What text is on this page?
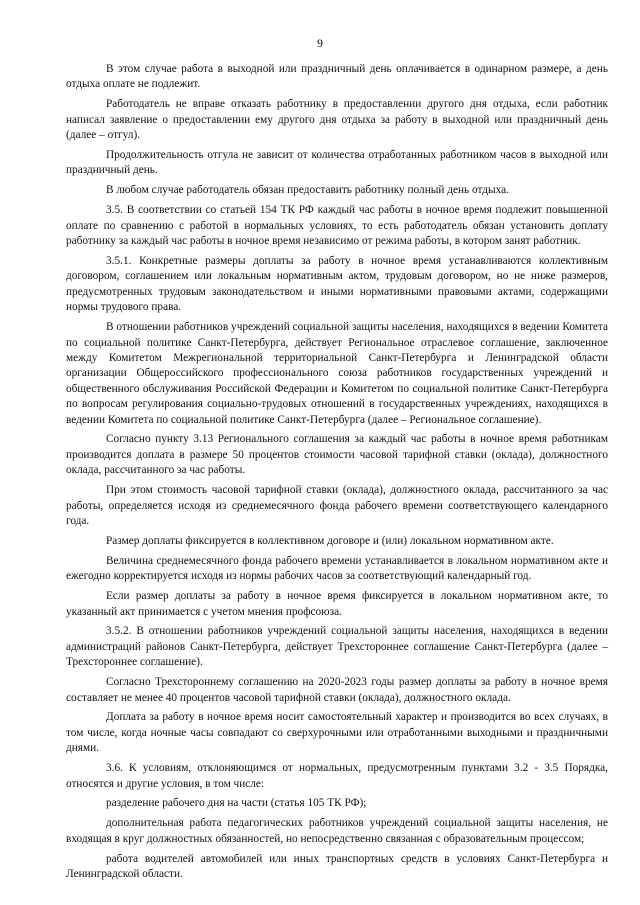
9

В этом случае работа в выходной или праздничный день оплачивается в одинарном размере, а день отдыха оплате не подлежит.

Работодатель не вправе отказать работнику в предоставлении другого дня отдыха, если работник написал заявление о предоставлении ему другого дня отдыха за работу в выходной или праздничный день (далее – отгул).

Продолжительность отгула не зависит от количества отработанных работником часов в выходной или праздничный день.

В любом случае работодатель обязан предоставить работнику полный день отдыха.

3.5. В соответствии со статьей 154 ТК РФ каждый час работы в ночное время подлежит повышенной оплате по сравнению с работой в нормальных условиях, то есть работодатель обязан установить доплату работнику за каждый час работы в ночное время независимо от режима работы, в котором занят работник.

3.5.1. Конкретные размеры доплаты за работу в ночное время устанавливаются коллективным договором, соглашением или локальным нормативным актом, трудовым договором, но не ниже размеров, предусмотренных трудовым законодательством и иными нормативными правовыми актами, содержащими нормы трудового права.

В отношении работников учреждений социальной защиты населения, находящихся в ведении Комитета по социальной политике Санкт-Петербурга, действует Региональное отраслевое соглашение, заключенное между Комитетом Межрегиональной территориальной Санкт-Петербурга и Ленинградской области организации Общероссийского профессионального союза работников государственных учреждений и общественного обслуживания Российской Федерации и Комитетом по социальной политике Санкт-Петербурга по вопросам регулирования социально-трудовых отношений в государственных учреждениях, находящихся в ведении Комитета по социальной политике Санкт-Петербурга (далее – Региональное соглашение).

Согласно пункту 3.13 Регионального соглашения за каждый час работы в ночное время работникам производится доплата в размере 50 процентов стоимости часовой тарифной ставки (оклада), должностного оклада, рассчитанного за час работы.

При этом стоимость часовой тарифной ставки (оклада), должностного оклада, рассчитанного за час работы, определяется исходя из среднемесячного фонда рабочего времени соответствующего календарного года.

Размер доплаты фиксируется в коллективном договоре и (или) локальном нормативном акте.

Величина среднемесячного фонда рабочего времени устанавливается в локальном нормативном акте и ежегодно корректируется исходя из нормы рабочих часов за соответствующий календарный год.

Если размер доплаты за работу в ночное время фиксируется в локальном нормативном акте, то указанный акт принимается с учетом мнения профсоюза.

3.5.2. В отношении работников учреждений социальной защиты населения, находящихся в ведении администраций районов Санкт-Петербурга, действует Трехстороннее соглашение Санкт-Петербурга (далее – Трехстороннее соглашение).

Согласно Трехстороннему соглашению на 2020-2023 годы размер доплаты за работу в ночное время составляет не менее 40 процентов часовой тарифной ставки (оклада), должностного оклада.

Доплата за работу в ночное время носит самостоятельный характер и производится во всех случаях, в том числе, когда ночные часы совпадают со сверхурочными или отработанными выходными и праздничными днями.

3.6. К условиям, отклоняющимся от нормальных, предусмотренным пунктами 3.2 - 3.5 Порядка, относятся и другие условия, в том числе:

разделение рабочего дня на части (статья 105 ТК РФ);

дополнительная работа педагогических работников учреждений социальной защиты населения, не входящая в круг должностных обязанностей, но непосредственно связанная с образовательным процессом;

работа водителей автомобилей или иных транспортных средств в условиях Санкт-Петербурга и Ленинградской области.
